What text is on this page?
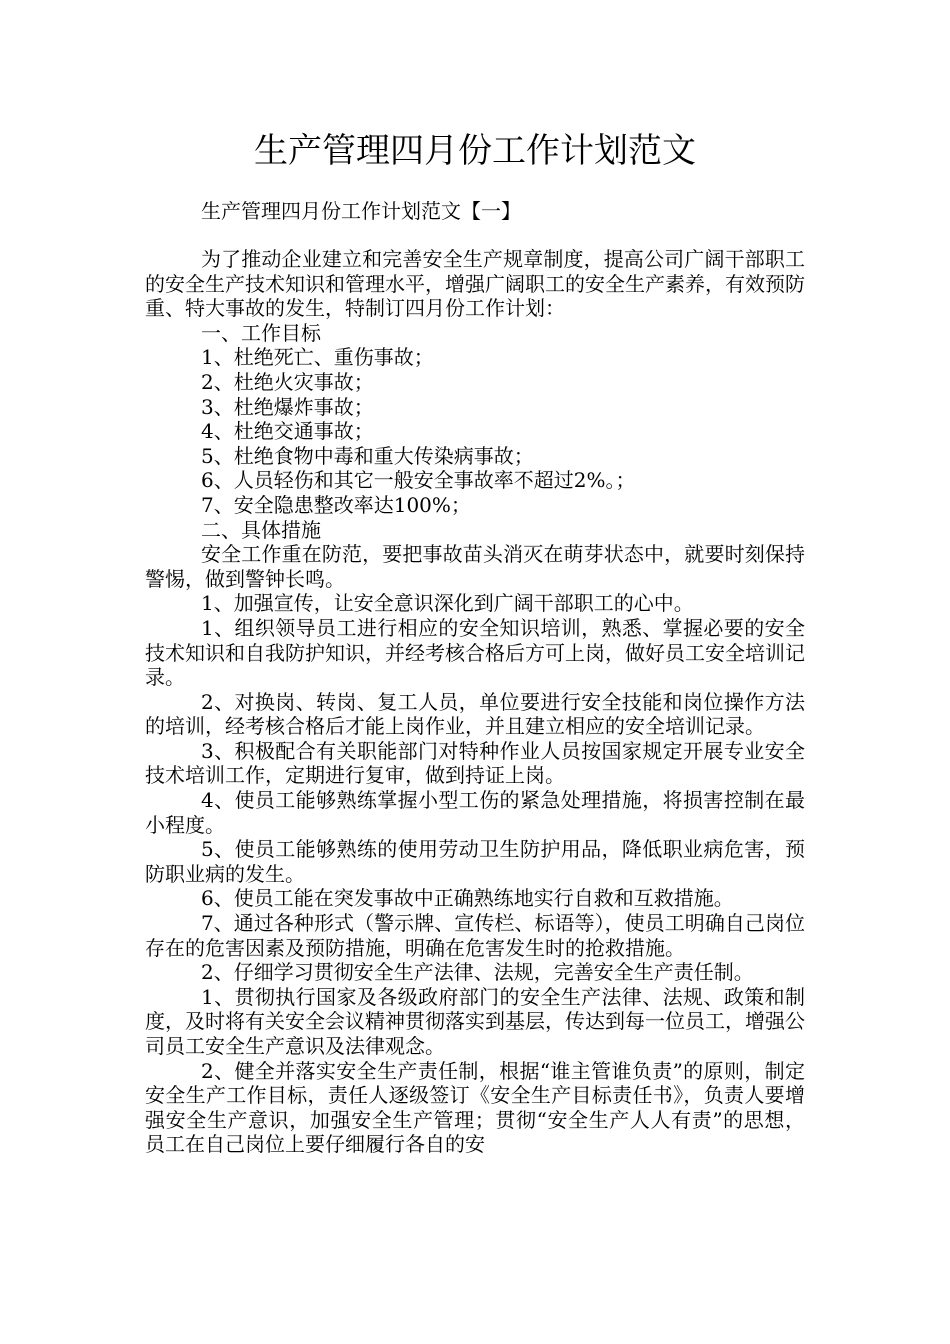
生产管理四月份工作计划范文
生产管理四月份工作计划范文【一】

为了推动企业建立和完善安全生产规章制度，提高公司广阔干部职工的安全生产技术知识和管理水平，增强广阔职工的安全生产素养，有效预防重、特大事故的发生，特制订四月份工作计划：

一、工作目标

1、杜绝死亡、重伤事故；

2、杜绝火灾事故；

3、杜绝爆炸事故；

4、杜绝交通事故；

5、杜绝食物中毒和重大传染病事故；

6、人员轻伤和其它一般安全事故率不超过2%。；

7、安全隐患整改率达100%；

二、具体措施

安全工作重在防范，要把事故苗头消灭在萌芽状态中，就要时刻保持警惕，做到警钟长鸣。

1、加强宣传，让安全意识深化到广阔干部职工的心中。

1、组织领导员工进行相应的安全知识培训，熟悉、掌握必要的安全技术知识和自我防护知识，并经考核合格后方可上岗，做好员工安全培训记录。

2、对换岗、转岗、复工人员，单位要进行安全技能和岗位操作方法的培训，经考核合格后才能上岗作业，并且建立相应的安全培训记录。

3、积极配合有关职能部门对特种作业人员按国家规定开展专业安全技术培训工作，定期进行复审，做到持证上岗。

4、使员工能够熟练掌握小型工伤的紧急处理措施，将损害控制在最小程度。

5、使员工能够熟练的使用劳动卫生防护用品，降低职业病危害，预防职业病的发生。

6、使员工能在突发事故中正确熟练地实行自救和互救措施。

7、通过各种形式（警示牌、宣传栏、标语等），使员工明确自己岗位存在的危害因素及预防措施，明确在危害发生时的抢救措施。

2、仔细学习贯彻安全生产法律、法规，完善安全生产责任制。

1、贯彻执行国家及各级政府部门的安全生产法律、法规、政策和制度，及时将有关安全会议精神贯彻落实到基层，传达到每一位员工，增强公司员工安全生产意识及法律观念。

2、健全并落实安全生产责任制，根据“谁主管谁负责”的原则，制定安全生产工作目标，责任人逐级签订《安全生产目标责任书》，负责人要增强安全生产意识，加强安全生产管理；贯彻“安全生产人人有责”的思想，员工在自己岗位上要仔细履行各自的安
